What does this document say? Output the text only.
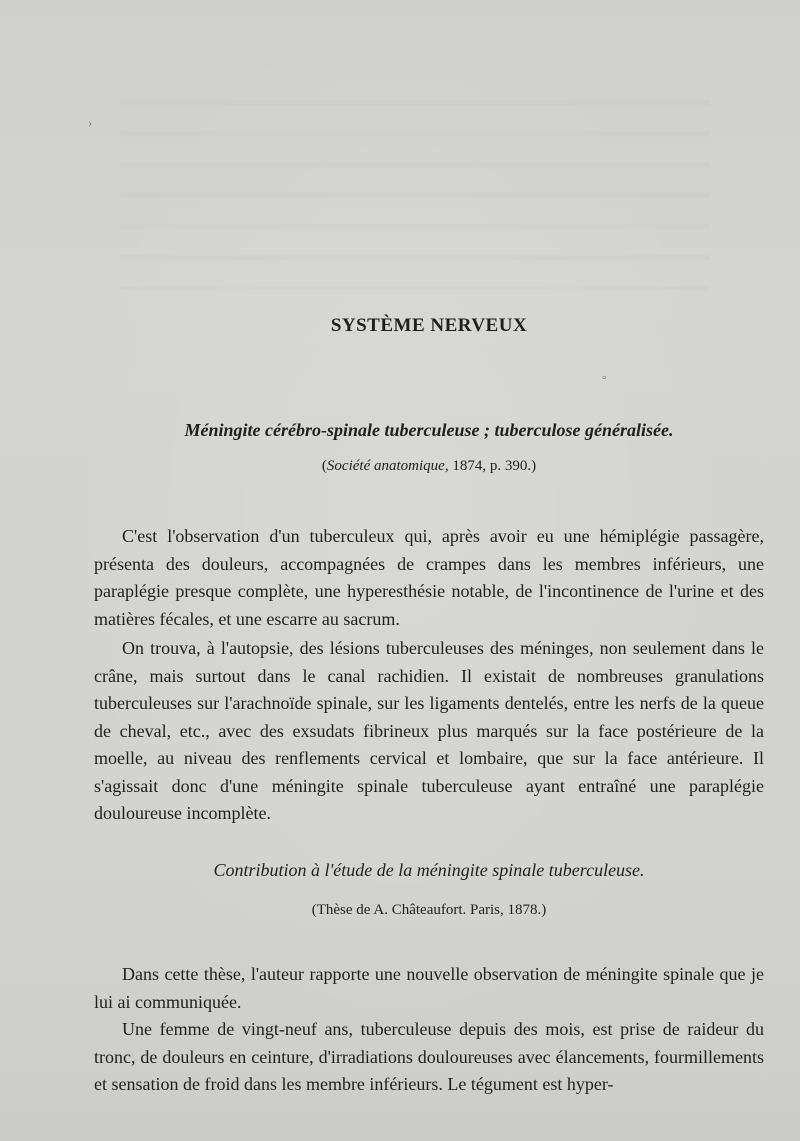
›
°
SYSTÈME NERVEUX
Méningite cérébro-spinale tuberculeuse ; tuberculose généralisée.
(Société anatomique, 1874, p. 390.)

C'est l'observation d'un tuberculeux qui, après avoir eu une hémiplégie passagère, présenta des douleurs, accompagnées de crampes dans les membres inférieurs, une paraplégie presque complète, une hyperesthésie notable, de l'incontinence de l'urine et des matières fécales, et une escarre au sacrum.

On trouva, à l'autopsie, des lésions tuberculeuses des méninges, non seulement dans le crâne, mais surtout dans le canal rachidien. Il existait de nombreuses granulations tuberculeuses sur l'arachnoïde spinale, sur les ligaments dentelés, entre les nerfs de la queue de cheval, etc., avec des exsudats fibrineux plus marqués sur la face postérieure de la moelle, au niveau des renflements cervical et lombaire, que sur la face antérieure. Il s'agissait donc d'une méningite spinale tuberculeuse ayant entraîné une paraplégie douloureuse incomplète.

Contribution à l'étude de la méningite spinale tuberculeuse.
(Thèse de A. Châteaufort. Paris, 1878.)

Dans cette thèse, l'auteur rapporte une nouvelle observation de méningite spinale que je lui ai communiquée.

Une femme de vingt-neuf ans, tuberculeuse depuis des mois, est prise de raideur du tronc, de douleurs en ceinture, d'irradiations douloureuses avec élancements, fourmillements et sensation de froid dans les membre inférieurs. Le tégument est hyper-
